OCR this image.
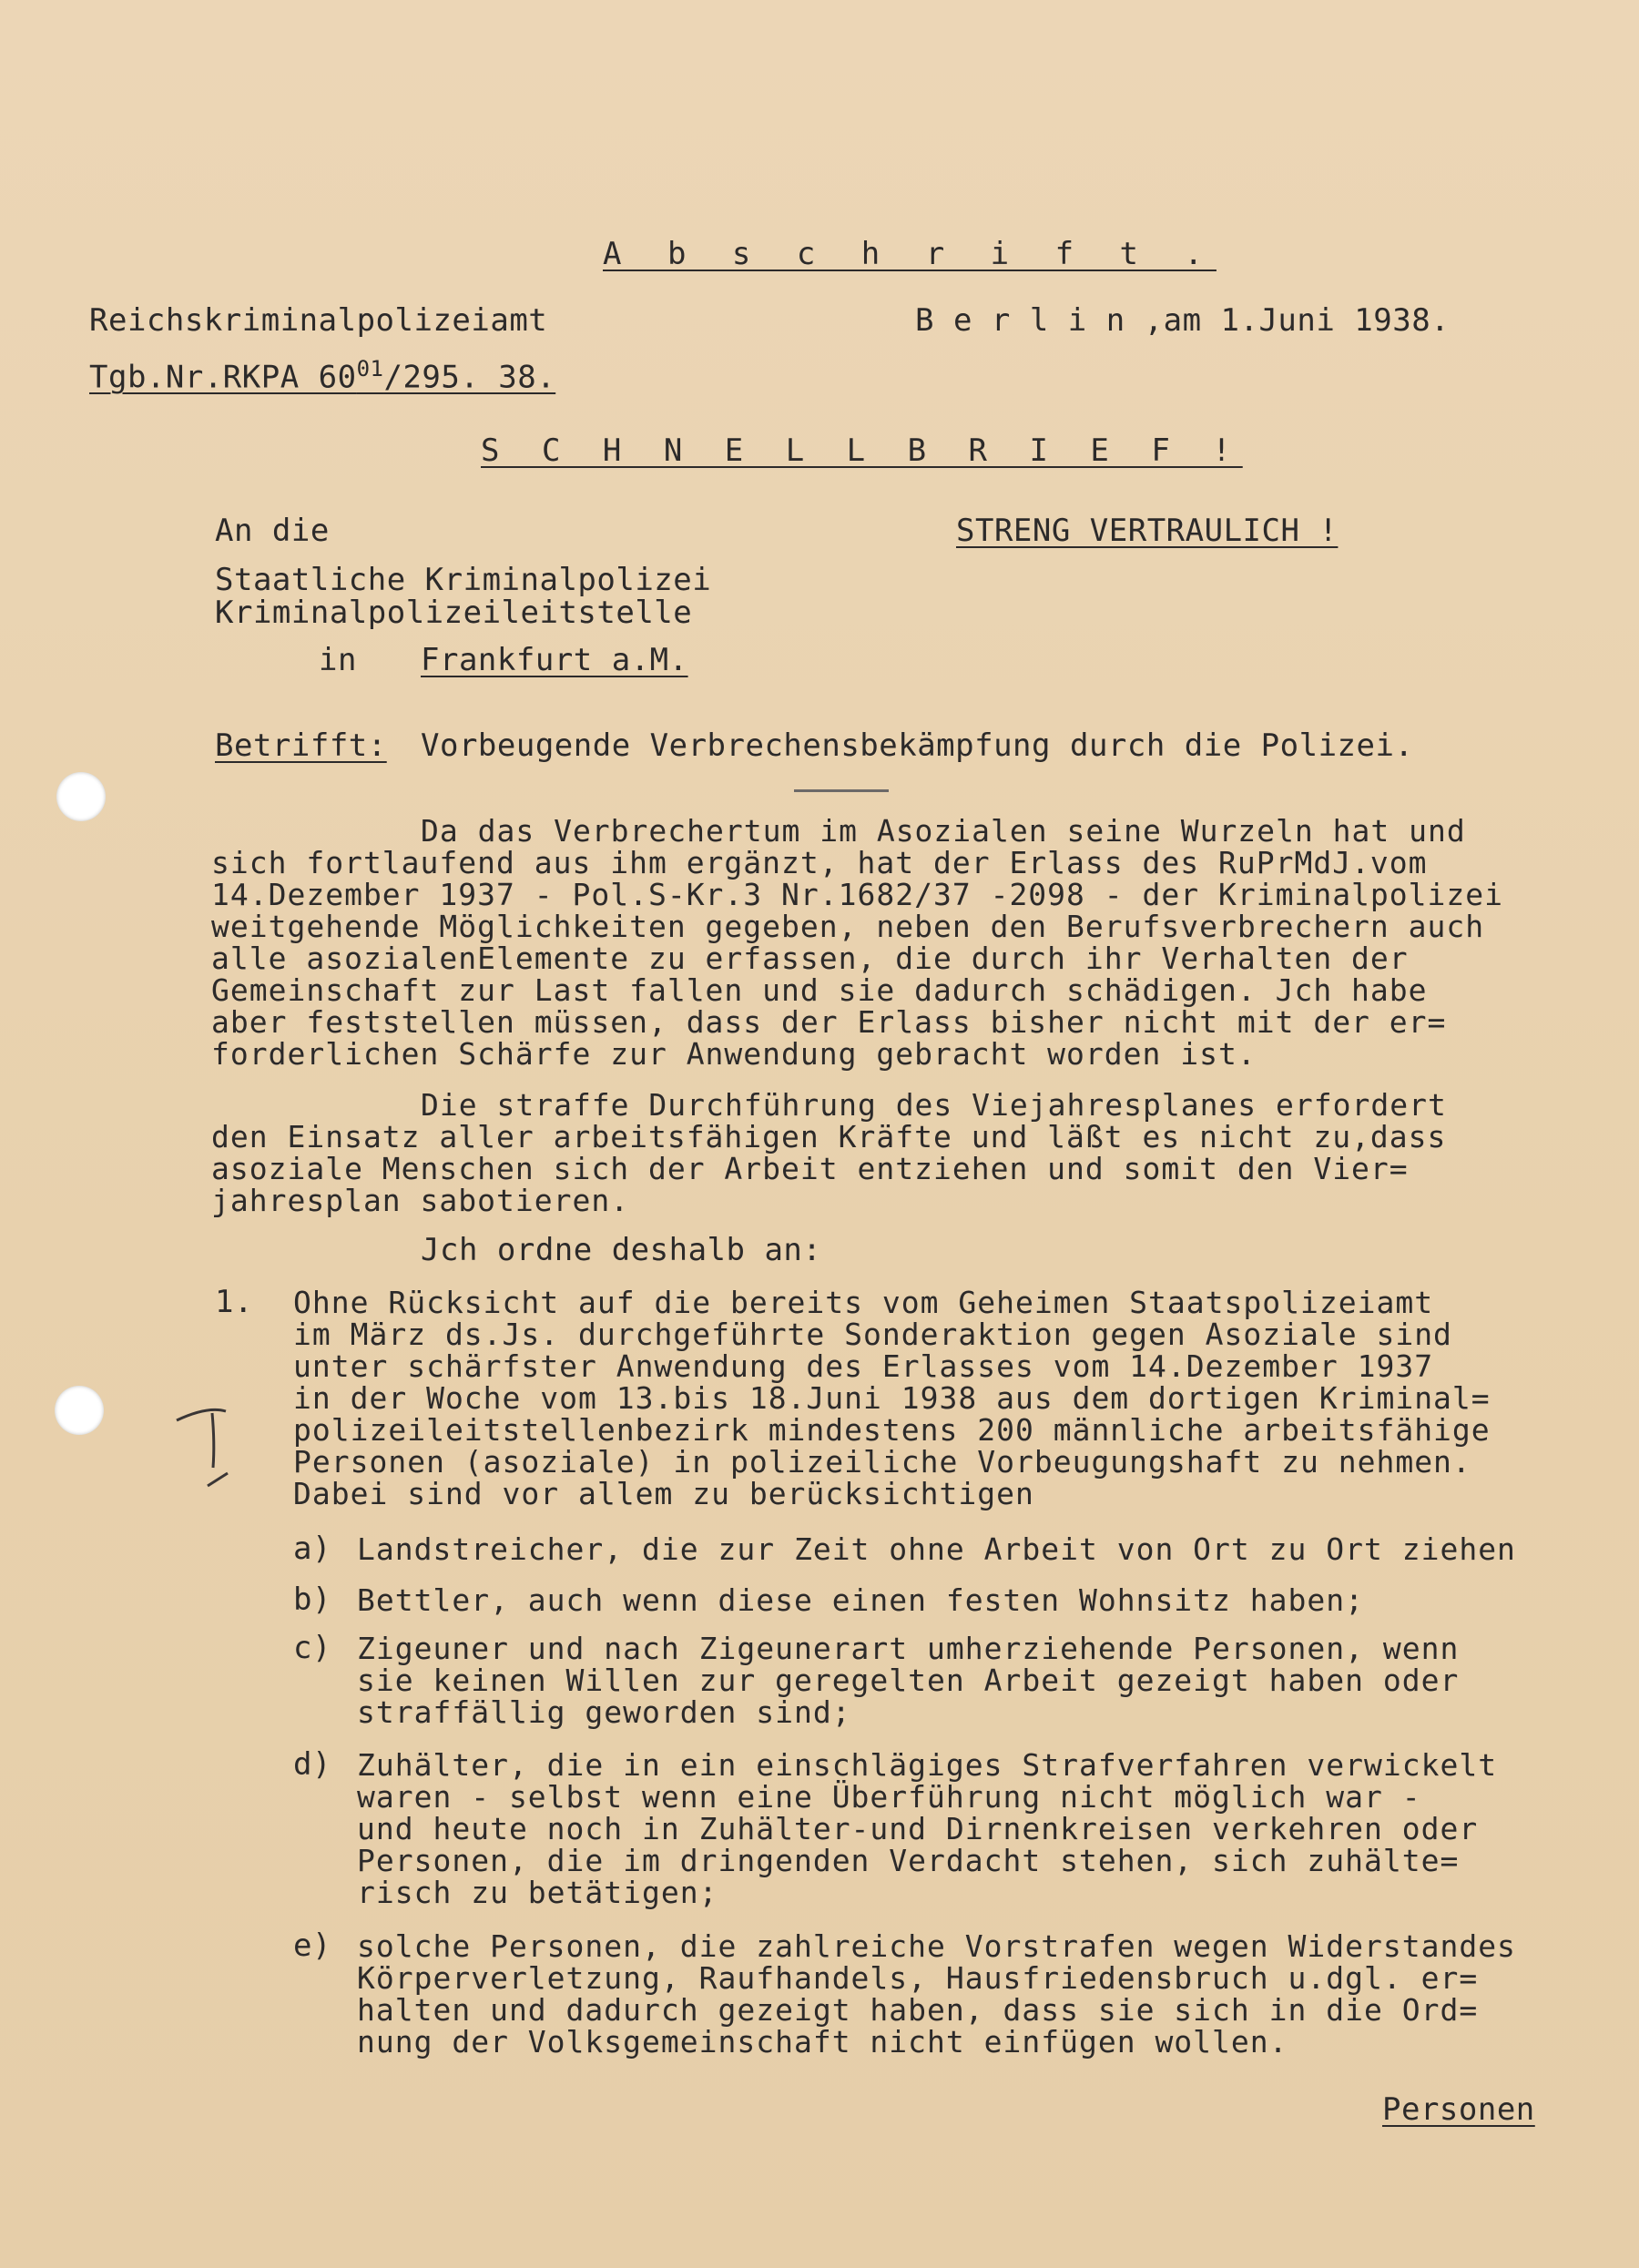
A b s c h r i f t .

Reichskriminalpolizeiamt	B e r l i n ,am 1.Juni 1938.

Tgb.Nr.RKPA $60^{01}/295$. 38.

S C H N E L L B R I E F !

An die	STRENG VERTRAULICH !

Staatliche Kriminalpolizei

Kriminalpolizeileitstelle

in Frankfurt a.M.

Betrifft: Vorbeugende Verbrechensbekämpfung durch die Polizei.

Da das Verbrechertum im Asozialen seine Wurzeln hat und
sich fortlaufend aus ihm ergänzt, hat der Erlass des RuPrMdJ.vom
14.Dezember 1937 - Pol.S-Kr.3 Nr.1682/37 -2098 - der Kriminalpolizei
weitgehende Möglichkeiten gegeben, neben den Berufsverbrechern auch
alle asozialenElemente zu erfassen, die durch ihr Verhalten der
Gemeinschaft zur Last fallen und sie dadurch schädigen. Jch habe
aber feststellen müssen, dass der Erlass bisher nicht mit der er=
forderlichen Schärfe zur Anwendung gebracht worden ist.

Die straffe Durchführung des Viejahresplanes erfordert
den Einsatz aller arbeitsfähigen Kräfte und läßt es nicht zu,dass
asoziale Menschen sich der Arbeit entziehen und somit den Vier=
jahresplan sabotieren.

Jch ordne deshalb an:

1. Ohne Rücksicht auf die bereits vom Geheimen Staatspolizeiamt
im März ds.Js. durchgeführte Sonderaktion gegen Asoziale sind
unter schärfster Anwendung des Erlasses vom 14.Dezember 1937
in der Woche vom 13.bis 18.Juni 1938 aus dem dortigen Kriminal=
polizeileitstellenbezirk mindestens 200 männliche arbeitsfähige
Personen (asoziale) in polizeiliche Vorbeugungshaft zu nehmen.
Dabei sind vor allem zu berücksichtigen

a) Landstreicher, die zur Zeit ohne Arbeit von Ort zu Ort ziehen

b) Bettler, auch wenn diese einen festen Wohnsitz haben;

c) Zigeuner und nach Zigeunerart umherziehende Personen, wenn
sie keinen Willen zur geregelten Arbeit gezeigt haben oder
straffällig geworden sind;

d) Zuhälter, die in ein einschlägiges Strafverfahren verwickelt
waren - selbst wenn eine Überführung nicht möglich war -
und heute noch in Zuhälter-und Dirnenkreisen verkehren oder
Personen, die im dringenden Verdacht stehen, sich zuhälte=
risch zu betätigen;

e) solche Personen, die zahlreiche Vorstrafen wegen Widerstandes
Körperverletzung, Raufhandels, Hausfriedensbruch u.dgl. er=
halten und dadurch gezeigt haben, dass sie sich in die Ord=
nung der Volksgemeinschaft nicht einfügen wollen.

Personen
